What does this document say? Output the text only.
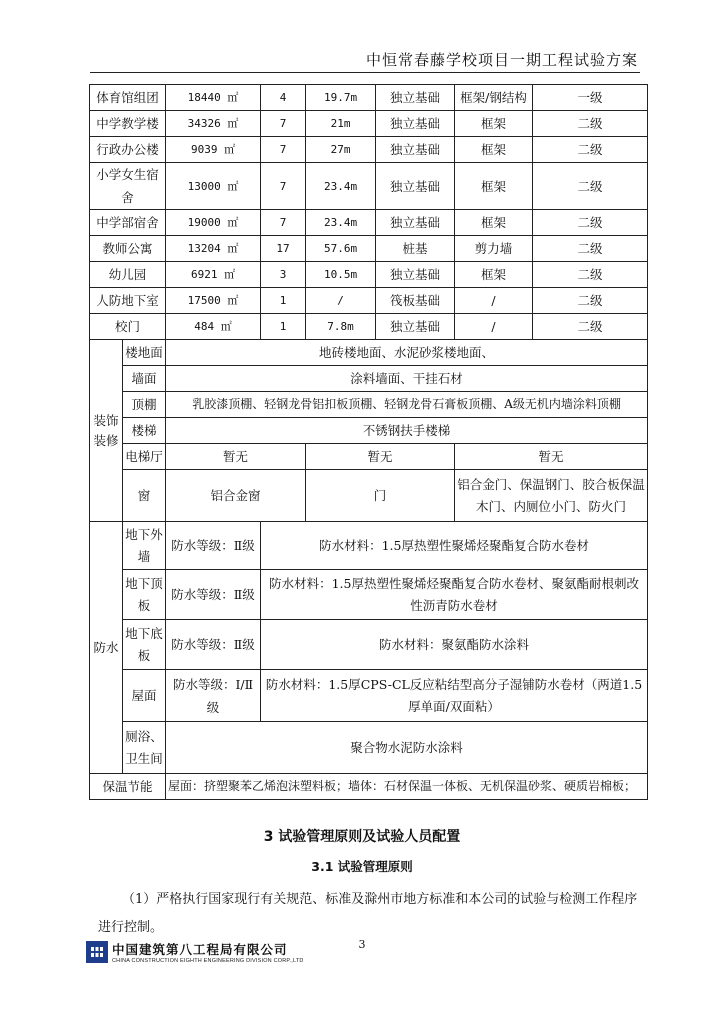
中恒常春藤学校项目一期工程试验方案
体育馆组团		18440 ㎡	4	19.7m	独立基础	框架/钢结构	一级
中学教学楼		34326 ㎡	7	21m	独立基础	框架	二级
行政办公楼		9039 ㎡	7	27m	独立基础	框架	二级
小学女生宿舍		13000 ㎡	7	23.4m	独立基础	框架	二级
中学部宿舍		19000 ㎡	7	23.4m	独立基础	框架	二级
教师公寓		13204 ㎡	17	57.6m	桩基	剪力墙	二级
幼儿园		6921 ㎡	3	10.5m	独立基础	框架	二级
人防地下室		17500 ㎡	1	/	筏板基础	/	二级
校门		484 ㎡	1	7.8m	独立基础	/	二级
装饰装修	楼地面	地砖楼地面、水泥砂浆楼地面、					
	墙面	涂料墙面、干挂石材					
	顶棚	乳胶漆顶棚、轻钢龙骨铝扣板顶棚、轻钢龙骨石膏板顶棚、A级无机内墙涂料顶棚					
	楼梯	不锈钢扶手楼梯					
	电梯厅	暂无		暂无		暂无	
	窗	铝合金窗		门		铝合金门、保温钢门、胶合板保温木门、内厕位小门、防火门	
防水	地下外墙	防水等级：Ⅱ级	防水材料：1.5厚热塑性聚烯烃聚酯复合防水卷材				
	地下顶板	防水等级：Ⅱ级	防水材料：1.5厚热塑性聚烯烃聚酯复合防水卷材、聚氨酯耐根刺改性沥青防水卷材				
	地下底板	防水等级：Ⅱ级	防水材料：聚氨酯防水涂料				
	屋面	防水等级：Ⅰ/Ⅱ级	防水材料：1.5厚CPS-CL反应粘结型高分子湿铺防水卷材（两道1.5厚单面/双面粘）				
	厕浴、卫生间	聚合物水泥防水涂料					
保温节能		屋面：挤塑聚苯乙烯泡沫塑料板；墙体：石材保温一体板、无机保温砂浆、硬质岩棉板；					
3 试验管理原则及试验人员配置
3.1 试验管理原则
（1）严格执行国家现行有关规范、标准及滁州市地方标准和本公司的试验与检测工作程序进行控制。
中国建筑第八工程局有限公司
CHINA CONSTRUCTION EIGHTH ENGINEERING DIVISION CORP.,LTD
3
